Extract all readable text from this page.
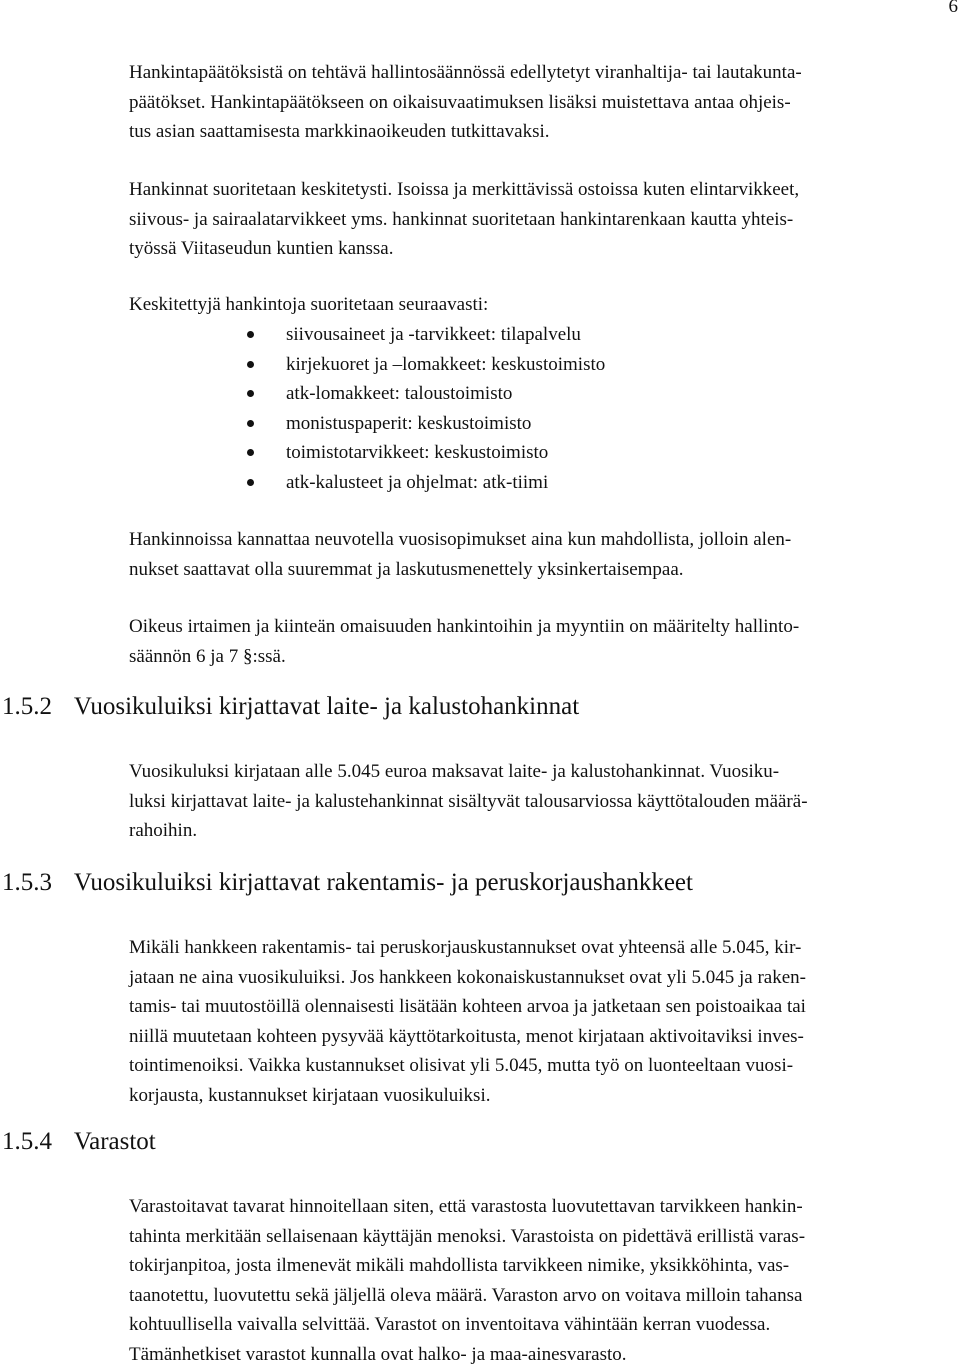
6

Hankintapäätöksistä on tehtävä hallintosäännössä edellytetyt viranhaltija- tai lautakunta-
päätökset. Hankintapäätökseen on oikaisuvaatimuksen lisäksi muistettava antaa ohjeis-
tus asian saattamisesta markkinaoikeuden tutkittavaksi.

Hankinnat suoritetaan keskitetysti. Isoissa ja merkittävissä ostoissa kuten elintarvikkeet,
siivous- ja sairaalatarvikkeet yms. hankinnat suoritetaan hankintarenkaan kautta yhteis-
työssä Viitaseudun kuntien kanssa.

Keskitettyjä hankintoja suoritetaan seuraavasti:

siivousaineet ja -tarvikkeet: tilapalvelu
kirjekuoret ja –lomakkeet: keskustoimisto
atk-lomakkeet: taloustoimisto
monistuspaperit: keskustoimisto
toimistotarvikkeet: keskustoimisto
atk-kalusteet ja ohjelmat: atk-tiimi

Hankinnoissa kannattaa neuvotella vuosisopimukset aina kun mahdollista, jolloin alen-
nukset saattavat olla suuremmat ja laskutusmenettely yksinkertaisempaa.

Oikeus irtaimen ja kiinteän omaisuuden hankintoihin ja myyntiin on määritelty hallinto-
säännön 6 ja 7 §:ssä.

1.5.2 Vuosikuluiksi kirjattavat laite- ja kalustohankinnat

Vuosikuluksi kirjataan alle 5.045 euroa maksavat laite- ja kalustohankinnat. Vuosiku-
luksi kirjattavat laite- ja kalustehankinnat sisältyvät talousarviossa käyttötalouden määrä-
rahoihin.

1.5.3 Vuosikuluiksi kirjattavat rakentamis- ja peruskorjaushankkeet

Mikäli hankkeen rakentamis- tai peruskorjauskustannukset ovat yhteensä alle 5.045, kir-
jataan ne aina vuosikuluiksi. Jos hankkeen kokonaiskustannukset ovat yli 5.045 ja raken-
tamis- tai muutostöillä olennaisesti lisätään kohteen arvoa ja jatketaan sen poistoaikaa tai
niillä muutetaan kohteen pysyvää käyttötarkoitusta, menot kirjataan aktivoitaviksi inves-
tointimenoiksi. Vaikka kustannukset olisivat yli 5.045, mutta työ on luonteeltaan vuosi-
korjausta, kustannukset kirjataan vuosikuluiksi.

1.5.4 Varastot

Varastoitavat tavarat hinnoitellaan siten, että varastosta luovutettavan tarvikkeen hankin-
tahinta merkitään sellaisenaan käyttäjän menoksi. Varastoista on pidettävä erillistä varas-
tokirjanpitoa, josta ilmenevät mikäli mahdollista tarvikkeen nimike, yksikköhinta, vas-
taanotettu, luovutettu sekä jäljellä oleva määrä. Varaston arvo on voitava milloin tahansa
kohtuullisella vaivalla selvittää. Varastot on inventoitava vähintään kerran vuodessa.
Tämänhetkiset varastot kunnalla ovat halko- ja maa-ainesvarasto.
